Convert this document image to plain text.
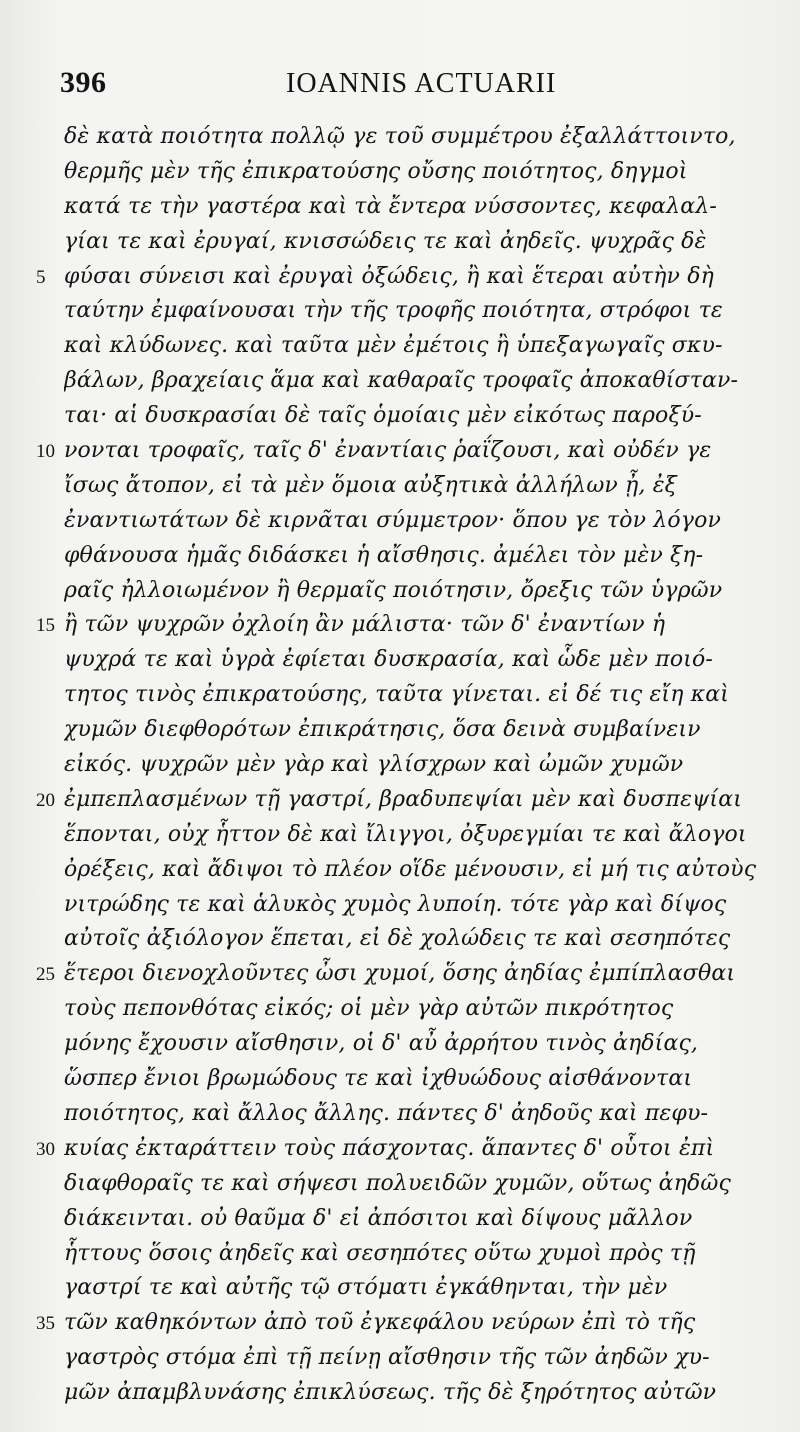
396	IOANNIS ACTUARII
δὲ κατὰ ποιότητα πολλῷ γε τοῦ συμμέτρου ἐξαλλάττοιντο,
θερμῆς μὲν τῆς ἐπικρατούσης οὔσης ποιότητος, δηγμοὶ
κατά τε τὴν γαστέρα καὶ τὰ ἔντερα νύσσοντες, κεφαλαλ-
γίαι τε καὶ ἐρυγαί, κνισσώδεις τε καὶ ἀηδεῖς. ψυχρᾶς δὲ
5 φύσαι σύνεισι καὶ ἐρυγαὶ ὀξώδεις, ἢ καὶ ἕτεραι αὐτὴν δὴ
ταύτην ἐμφαίνουσαι τὴν τῆς τροφῆς ποιότητα, στρόφοι τε
καὶ κλύδωνες. καὶ ταῦτα μὲν ἐμέτοις ἢ ὑπεξαγωγαῖς σκυ-
βάλων, βραχείαις ἅμα καὶ καθαραῖς τροφαῖς ἀποκαθίσταν-
ται· αἱ δυσκρασίαι δὲ ταῖς ὁμοίαις μὲν εἰκότως παροξύ-
10 νονται τροφαῖς, ταῖς δ' ἐναντίαις ῥαΐζουσι, καὶ οὐδέν γε
ἴσως ἄτοπον, εἰ τὰ μὲν ὅμοια αὐξητικὰ ἀλλήλων ᾖ, ἐξ
ἐναντιωτάτων δὲ κιρνᾶται σύμμετρον· ὅπου γε τὸν λόγον
φθάνουσα ἡμᾶς διδάσκει ἡ αἴσθησις. ἀμέλει τὸν μὲν ξη-
ραῖς ἠλλοιωμένον ἢ θερμαῖς ποιότησιν, ὄρεξις τῶν ὑγρῶν
15 ἢ τῶν ψυχρῶν ὀχλοίη ἂν μάλιστα· τῶν δ' ἐναντίων ἡ
ψυχρά τε καὶ ὑγρὰ ἐφίεται δυσκρασία, καὶ ὧδε μὲν ποιό-
τητος τινὸς ἐπικρατούσης, ταῦτα γίνεται. εἰ δέ τις εἴη καὶ
χυμῶν διεφθορότων ἐπικράτησις, ὅσα δεινὰ συμβαίνειν
εἰκός. ψυχρῶν μὲν γὰρ καὶ γλίσχρων καὶ ὠμῶν χυμῶν
20 ἐμπεπλασμένων τῇ γαστρί, βραδυπεψίαι μὲν καὶ δυσπεψίαι
ἕπονται, οὐχ ἧττον δὲ καὶ ἴλιγγοι, ὀξυρεγμίαι τε καὶ ἄλογοι
ὀρέξεις, καὶ ἄδιψοι τὸ πλέον οἵδε μένουσιν, εἰ μή τις αὐτοὺς
νιτρώδης τε καὶ ἁλυκὸς χυμὸς λυποίη. τότε γὰρ καὶ δίψος
αὐτοῖς ἀξιόλογον ἕπεται, εἰ δὲ χολώδεις τε καὶ σεσηπότες
25 ἕτεροι διενοχλοῦντες ὦσι χυμοί, ὅσης ἀηδίας ἐμπίπλασθαι
τοὺς πεπονθότας εἰκός; οἱ μὲν γὰρ αὐτῶν πικρότητος
μόνης ἔχουσιν αἴσθησιν, οἱ δ' αὖ ἀρρήτου τινὸς ἀηδίας,
ὥσπερ ἔνιοι βρωμώδους τε καὶ ἰχθυώδους αἰσθάνονται
ποιότητος, καὶ ἄλλος ἄλλης. πάντες δ' ἀηδοῦς καὶ πεφυ-
30 κυίας ἐκταράττειν τοὺς πάσχοντας. ἅπαντες δ' οὗτοι ἐπὶ
διαφθοραῖς τε καὶ σήψεσι πολυειδῶν χυμῶν, οὕτως ἀηδῶς
διάκεινται. οὐ θαῦμα δ' εἰ ἀπόσιτοι καὶ δίψους μᾶλλον
ἧττους ὅσοις ἀηδεῖς καὶ σεσηπότες οὕτω χυμοὶ πρὸς τῇ
γαστρί τε καὶ αὐτῆς τῷ στόματι ἐγκάθηνται, τὴν μὲν
35 τῶν καθηκόντων ἀπὸ τοῦ ἐγκεφάλου νεύρων ἐπὶ τὸ τῆς
γαστρὸς στόμα ἐπὶ τῇ πείνῃ αἴσθησιν τῆς τῶν ἀηδῶν χυ-
μῶν ἀπαμβλυνάσης ἐπικλύσεως. τῆς δὲ ξηρότητος αὐτῶν
